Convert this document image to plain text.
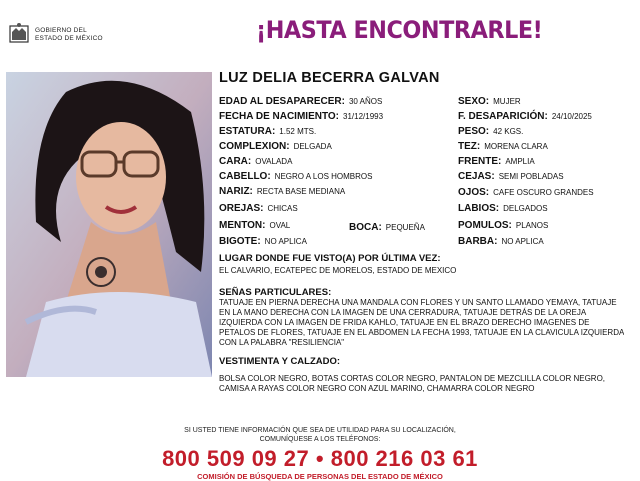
GOBIERNO DEL
ESTADO DE MÉXICO	¡HASTA ENCONTRARLE!
LUZ DELIA BECERRA GALVAN
EDAD AL DESAPARECER: 30 AÑOS
FECHA DE NACIMIENTO: 31/12/1993
ESTATURA: 1.52 MTS.
COMPLEXION: DELGADA
CARA: OVALADA
CABELLO: NEGRO A LOS HOMBROS
NARIZ: RECTA BASE MEDIANA
OREJAS: CHICAS
MENTON: OVAL	BOCA: PEQUEÑA
BIGOTE: NO APLICA
SEXO: MUJER
F. DESAPARICIÓN: 24/10/2025
PESO: 42 KGS.
TEZ: MORENA CLARA
FRENTE: AMPLIA
CEJAS: SEMI POBLADAS
OJOS: CAFE OSCURO GRANDES
LABIOS: DELGADOS
POMULOS: PLANOS
BARBA: NO APLICA
LUGAR DONDE FUE VISTO(A) POR ÚLTIMA VEZ:
EL CALVARIO, ECATEPEC DE MORELOS, ESTADO DE MEXICO
SEÑAS PARTICULARES:
TATUAJE EN PIERNA DERECHA UNA MANDALA CON FLORES Y UN SANTO LLAMADO YEMAYA, TATUAJE EN LA MANO DERECHA CON LA IMAGEN DE UNA CERRADURA, TATUAJE DETRÁS DE LA OREJA IZQUIERDA CON LA IMAGEN DE FRIDA KAHLO, TATUAJE EN EL BRAZO DERECHO IMAGENES DE PETALOS DE FLORES, TATUAJE EN EL ABDOMEN LA FECHA 1993, TATUAJE EN LA CLAVICULA IZQUIERDA CON LA PALABRA "RESILIENCIA"
VESTIMENTA Y CALZADO:
BOLSA COLOR NEGRO, BOTAS CORTAS COLOR NEGRO, PANTALON DE MEZCLILLA COLOR NEGRO, CAMISA A RAYAS COLOR NEGRO CON AZUL MARINO, CHAMARRA COLOR NEGRO
SI USTED TIENE INFORMACIÓN QUE SEA DE UTILIDAD PARA SU LOCALIZACIÓN,
COMUNÍQUESE A LOS TELÉFONOS:
800 509 09 27 • 800 216 03 61
COMISIÓN DE BÚSQUEDA DE PERSONAS DEL ESTADO DE MÉXICO
